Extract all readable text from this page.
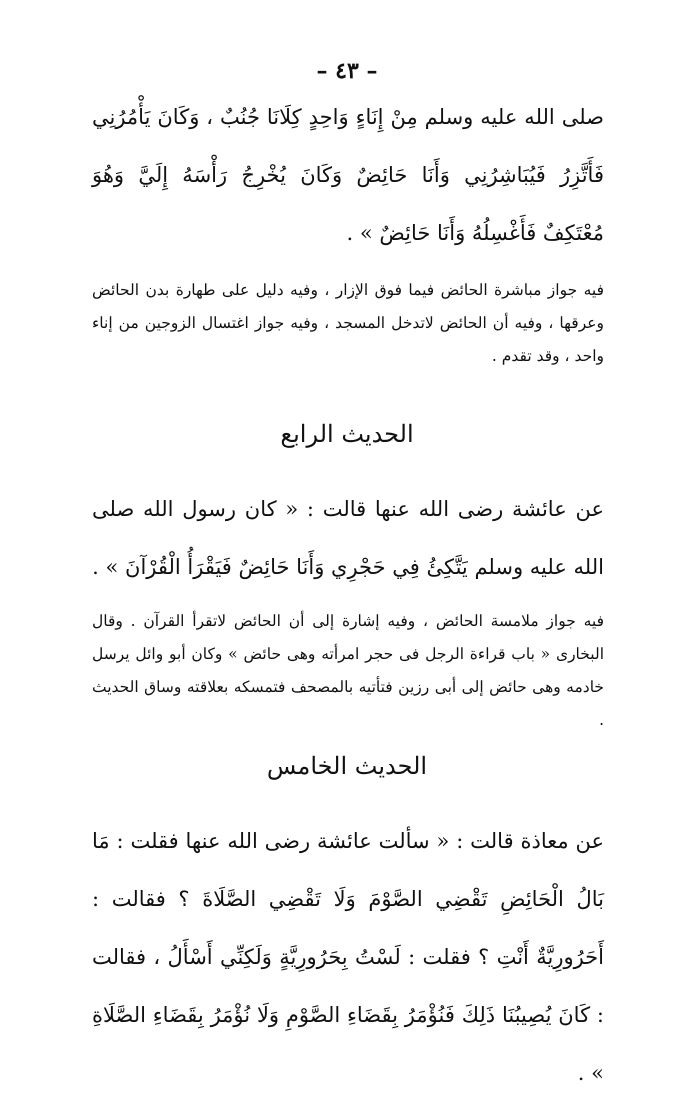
– ٤٣ –
صلى الله عليه وسلم مِنْ إِنَاءٍ وَاحِدٍ كِلَانَا جُنُبٌ ، وَكَانَ يَأْمُرُنِي فَأَتَّزِرُ فَيُبَاشِرُنِي وَأَنَا حَائِضٌ وَكَانَ يُخْرِجُ رَأْسَهُ إِلَيَّ وَهُوَ مُعْتَكِفٌ فَأَغْسِلُهُ وَأَنَا حَائِضٌ » .
فيه جواز مباشرة الحائض فيما فوق الإزار ، وفيه دليل على طهارة بدن الحائض وعرقها ، وفيه أن الحائض لاتدخل المسجد ، وفيه جواز اغتسال الزوجين من إناء واحد ، وقد تقدم .
الحديث الرابع
عن عائشة رضى الله عنها قالت : « كان رسول الله صلى الله عليه وسلم يَتَّكِئُ فِي حَجْرِي وَأَنَا حَائِضٌ فَيَقْرَأُ الْقُرْآنَ » .
فيه جواز ملامسة الحائض ، وفيه إشارة إلى أن الحائض لاتقرأ القرآن . وقال البخارى « باب قراءة الرجل فى حجر امرأته وهى حائض » وكان أبو وائل يرسل خادمه وهى حائض إلى أبى رزين فتأتيه بالمصحف فتمسكه بعلاقته وساق الحديث .
الحديث الخامس
عن معاذة قالت : « سألت عائشة رضى الله عنها فقلت : مَا بَالُ الْحَائِضِ تَقْضِي الصَّوْمَ وَلَا تَقْضِي الصَّلَاةَ ؟ فقالت : أَحَرُورِيَّةٌ أَنْتِ ؟ فقلت : لَسْتُ بِحَرُورِيَّةٍ وَلَكِنِّي أَسْأَلُ ، فقالت : كَانَ يُصِيبُنَا ذَلِكَ فَنُؤْمَرُ بِقَضَاءِ الصَّوْمِ وَلَا نُؤْمَرُ بِقَضَاءِ الصَّلَاةِ » .
